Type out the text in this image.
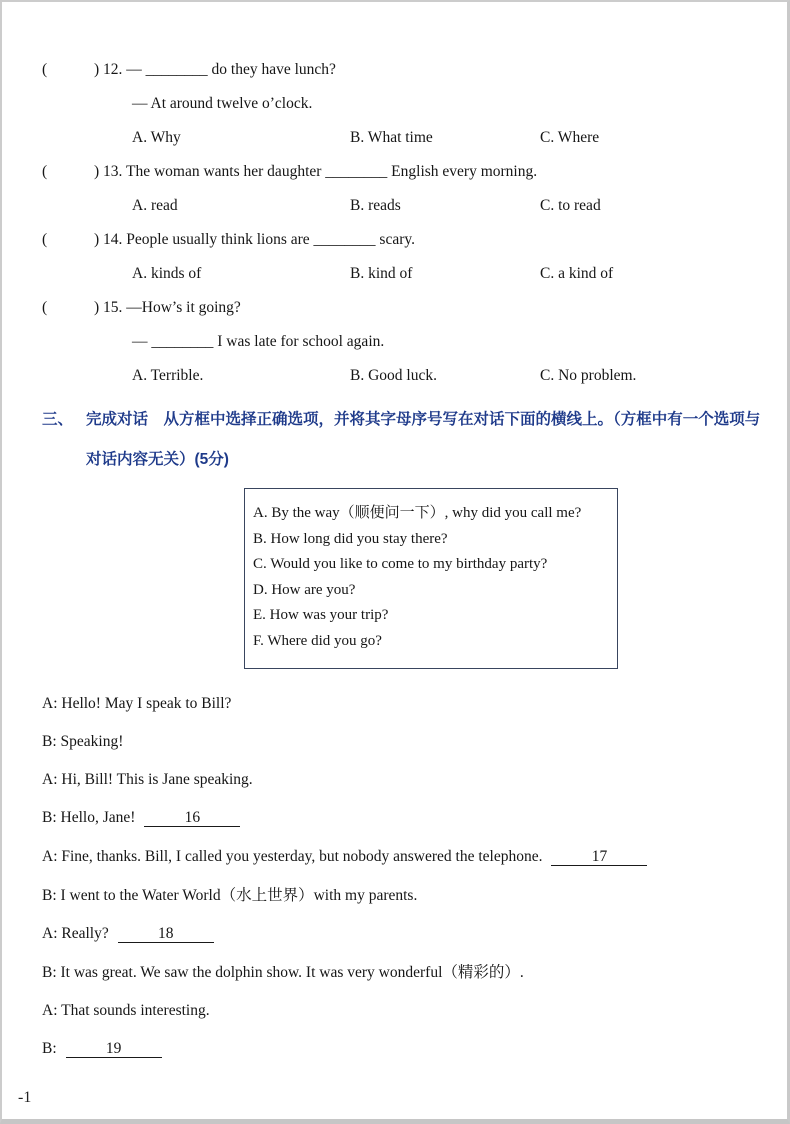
(	) 12. — ________ do they have lunch?

— At around twelve o’clock.

A. Why	B. What time	C. Where

(	) 13. The woman wants her daughter ________ English every morning.

A. read	B. reads	C. to read

(	) 14. People usually think lions are ________ scary.

A. kinds of	B. kind of	C. a kind of

(	) 15. —How’s it going?

— ________ I was late for school again.

A. Terrible.	B. Good luck.	C. No problem.

三、 完成对话　从方框中选择正确选项，并将其字母序号写在对话下面的横线上。（方框中有一个选项与对话内容无关）(5分)

A. By the way（顺便问一下）, why did you call me?

B. How long did you stay there?

C. Would you like to come to my birthday party?

D. How are you?

E. How was your trip?

F. Where did you go?

A: Hello! May I speak to Bill?

B: Speaking!

A: Hi, Bill! This is Jane speaking.

B: Hello, Jane!	16

A: Fine, thanks. Bill, I called you yesterday, but nobody answered the telephone.	17

B: I went to the Water World（水上世界）with my parents.

A: Really?	18

B: It was great. We saw the dolphin show. It was very wonderful（精彩的）.

A: That sounds interesting.

B:	19

-1
